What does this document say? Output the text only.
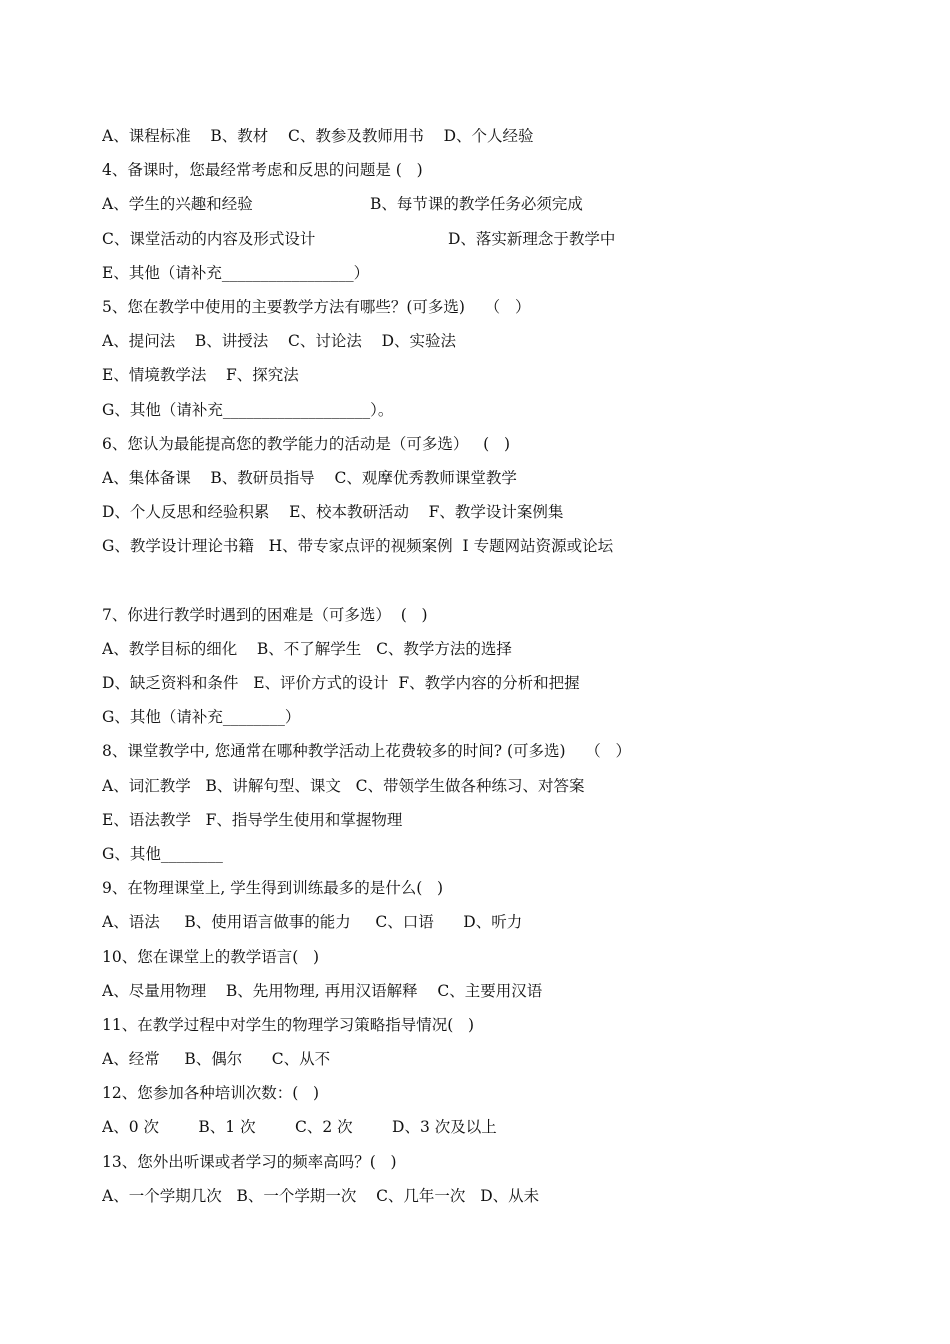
A、课程标准    B、教材    C、教参及教师用书    D、个人经验
4、备课时，您最经常考虑和反思的问题是 (   )
A、学生的兴趣和经验	B、每节课的教学任务必须完成
C、课堂活动的内容及形式设计	D、落实新理念于教学中
E、其他（请补充_________________）
5、您在教学中使用的主要教学方法有哪些？(可多选)    （   ）
A、提问法    B、讲授法    C、讨论法    D、实验法
E、情境教学法    F、探究法
G、其他（请补充___________________）。
6、您认为最能提高您的教学能力的活动是（可多选）   (   )
A、集体备课    B、教研员指导    C、观摩优秀教师课堂教学
D、个人反思和经验积累    E、校本教研活动    F、教学设计案例集
G、教学设计理论书籍   H、带专家点评的视频案例  I 专题网站资源或论坛
7、你进行教学时遇到的困难是（可多选）  (   )
A、教学目标的细化    B、不了解学生   C、教学方法的选择
D、缺乏资料和条件   E、评价方式的设计  F、教学内容的分析和把握
G、其他（请补充________）
8、课堂教学中, 您通常在哪种教学活动上花费较多的时间? (可多选)    （   ）
A、词汇教学   B、讲解句型、课文   C、带领学生做各种练习、对答案
E、语法教学   F、指导学生使用和掌握物理
G、其他________
9、在物理课堂上, 学生得到训练最多的是什么(   )
A、语法     B、使用语言做事的能力     C、口语      D、听力
10、您在课堂上的教学语言(   )
A、尽量用物理    B、先用物理, 再用汉语解释    C、主要用汉语
11、在教学过程中对学生的物理学习策略指导情况(   )
A、经常     B、偶尔      C、从不
12、您参加各种培训次数：(   )
A、0 次        B、1 次        C、2 次        D、3 次及以上
13、您外出听课或者学习的频率高吗？(   )
A、一个学期几次   B、一个学期一次    C、几年一次   D、从未
